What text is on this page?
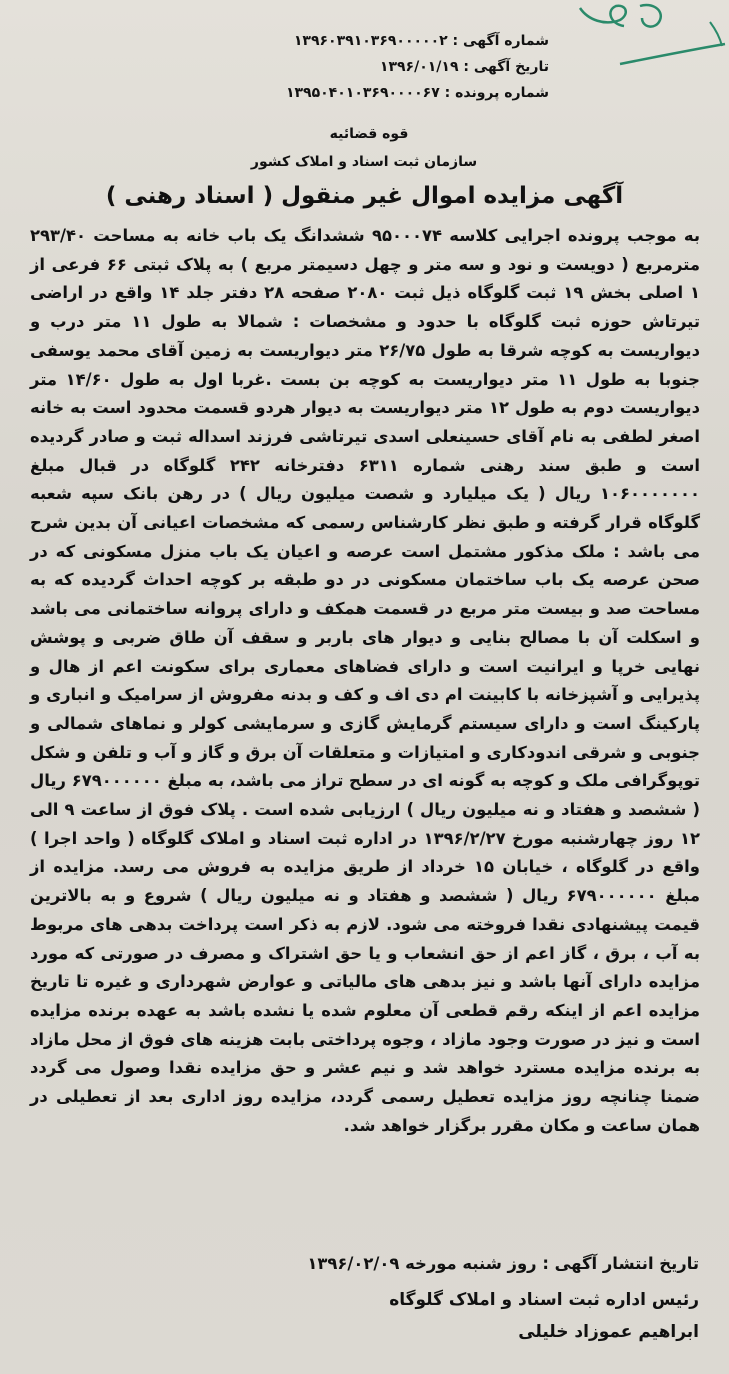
شماره آگهی : ۱۳۹۶۰۳۹۱۰۳۶۹۰۰۰۰۰۲
تاریخ آگهی : ۱۳۹۶/۰۱/۱۹
شماره پرونده : ۱۳۹۵۰۴۰۱۰۳۶۹۰۰۰۰۶۷
قوه قضائیه
سازمان ثبت اسناد و املاک کشور
آگهی مزایده اموال غیر منقول ( اسناد رهنی )
به موجب پرونده اجرایی کلاسه ۹۵۰۰۰۷۴ ششدانگ یک باب خانه به مساحت ۲۹۳/۴۰ مترمربع ( دویست و نود و سه متر و چهل دسیمتر مربع ) به پلاک ثبتی ۶۶ فرعی از ۱ اصلی بخش ۱۹ ثبت گلوگاه ذیل ثبت ۲۰۸۰ صفحه ۲۸ دفتر جلد ۱۴ واقع در اراضی تیرتاش حوزه ثبت گلوگاه با حدود و مشخصات : شمالا به طول ۱۱ متر درب و دیواریست به کوچه شرقا به طول ۲۶/۷۵ متر دیواریست به زمین آقای محمد یوسفی جنوبا به طول ۱۱ متر دیواریست به کوچه بن بست .غربا اول به طول ۱۴/۶۰ متر دیواریست دوم به طول ۱۲ متر دیواریست به دیوار هردو قسمت محدود است به خانه اصغر لطفی به نام آقای حسینعلی اسدی تیرتاشی فرزند اسداله ثبت و صادر گردیده است و طبق سند رهنی شماره ۶۳۱۱ دفترخانه ۲۴۲ گلوگاه در قبال مبلغ ۱۰۶۰۰۰۰۰۰۰ ریال ( یک میلیارد و شصت میلیون ریال ) در رهن بانک سپه شعبه گلوگاه قرار گرفته و طبق نظر کارشناس رسمی که مشخصات اعیانی آن بدین شرح می باشد : ملک مذکور مشتمل است عرصه و اعیان یک باب منزل مسکونی که در صحن عرصه یک باب ساختمان مسکونی در دو طبقه بر کوچه احداث گردیده که به مساحت صد و بیست متر مربع در قسمت همکف و دارای پروانه ساختمانی می باشد و اسکلت آن با مصالح بنایی و دیوار های باربر و سقف آن طاق ضربی و پوشش نهایی خرپا و ایرانیت است و دارای فضاهای معماری برای سکونت اعم از هال و پذیرایی و آشپزخانه با کابینت ام دی اف و کف و بدنه مفروش از سرامیک و انباری و پارکینگ است و دارای سیستم گرمایش گازی و سرمایشی کولر و نماهای شمالی و جنوبی و شرقی اندودکاری و امتیازات و متعلقات آن برق و گاز و آب و تلفن و شکل توپوگرافی ملک و کوچه به گونه ای در سطح تراز می باشد، به مبلغ ۶۷۹۰۰۰۰۰۰ ریال ( ششصد و هفتاد و نه میلیون ریال ) ارزیابی شده است . پلاک فوق از ساعت ۹ الی ۱۲ روز چهارشنبه مورخ ۱۳۹۶/۲/۲۷ در اداره ثبت اسناد و املاک گلوگاه ( واحد اجرا ) واقع در گلوگاه ، خیابان ۱۵ خرداد از طریق مزایده به فروش می رسد. مزایده از مبلغ ۶۷۹۰۰۰۰۰۰ ریال ( ششصد و هفتاد و نه میلیون ریال ) شروع و به بالاترین قیمت پیشنهادی نقدا فروخته می شود. لازم به ذکر است پرداخت بدهی های مربوط به آب ، برق ، گاز اعم از حق انشعاب و یا حق اشتراک و مصرف در صورتی که مورد مزایده دارای آنها باشد و نیز بدهی های مالیاتی و عوارض شهرداری و غیره تا تاریخ مزایده اعم از اینکه رقم قطعی آن معلوم شده یا نشده باشد به عهده برنده مزایده است و نیز در صورت وجود مازاد ، وجوه پرداختی بابت هزینه های فوق از محل مازاد به برنده مزایده مسترد خواهد شد و نیم عشر و حق مزایده نقدا وصول می گردد ضمنا چنانچه روز مزایده تعطیل رسمی گردد، مزایده روز اداری بعد از تعطیلی در همان ساعت و مکان مقرر برگزار خواهد شد.
تاریخ انتشار آگهی : روز شنبه مورخه ۱۳۹۶/۰۲/۰۹
رئیس اداره ثبت اسناد و املاک گلوگاه
ابراهیم عموزاد خلیلی
